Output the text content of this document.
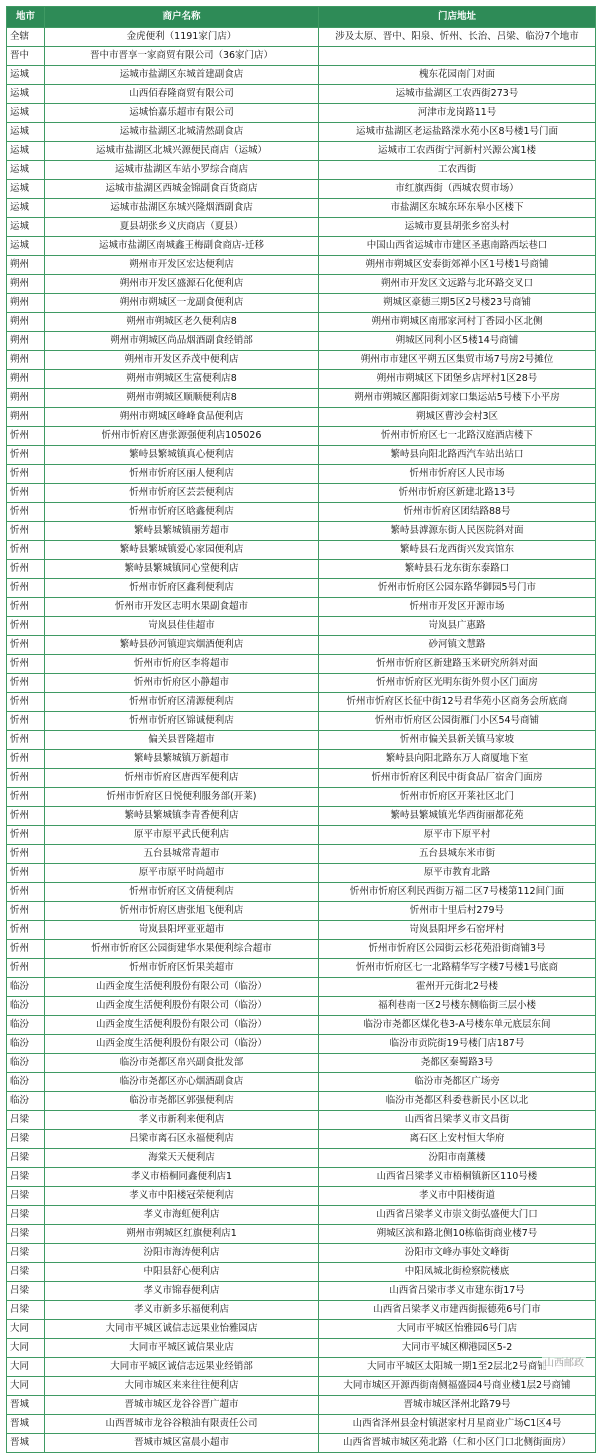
地市	商户名称	门店地址
全辖	金虎便利（1191家门店）	涉及太原、晋中、阳泉、忻州、长治、吕梁、临汾7个地市
晋中	晋中市晋享一家商贸有限公司（36家门店）	
运城	运城市盐湖区东城首建副食店	槐东花园南门对面
运城	山西佰春隆商贸有限公司	运城市盐湖区工农西街273号
运城	运城怡嘉乐超市有限公司	河津市龙岗路11号
运城	运城市盐湖区北城清然副食店	运城市盐湖区老运盐路溁水苑小区8号楼1号门面
运城	运城市盐湖区北城兴源便民商店（运城）	运城市工农西街宁河新村兴源公寓1楼
运城	运城市盐湖区车站小罗综合商店	工农西街
运城	运城市盐湖区西城金锦副食百货商店	市红旗西街（西城农贸市场）
运城	运城市盐湖区东城兴隆烟酒副食店	市盐湖区东城东环东皋小区楼下
运城	夏县胡张乡义庆商店（夏县）	运城市夏县胡张乡窑头村
运城	运城市盐湖区南城鑫王梅副食商店-迁移	中国山西省运城市市建区圣惠南路西坛巷口
朔州	朔州市开发区宏达便利店	朔州市朔城区安泰街郊禅小区1号楼1号商铺
朔州	朔州市开发区盛源石化便利店	朔州市开发区文远路与北环路交叉口
朔州	朔州市朔城区一龙副食便利店	朔城区豪德三期5区2号楼23号商铺
朔州	朔州市朔城区老久便利店8	朔州市朔城区南邢家河村丁香园小区北侧
朔州	朔州市朔城区尚品烟酒副食经销部	朔城区同利小区5楼14号商铺
朔州	朔州市开发区乔茂中便利店	朔州市市建区平朔五区集贸市场7号房2号摊位
朔州	朔州市朔城区生富便利店8	朔州市朔城区下团堡乡店坪村1区28号
朔州	朔州市朔城区顺顺便利店8	朔州市朔城区鄯阳街刘家口集运站5号楼下小平房
朔州	朔州市朔城区峰峰食品便利店	朔城区曹沙会村3区
忻州	忻州市忻府区唐张源强便利店105026	忻州市忻府区七一北路汉庭酒店楼下
忻州	繁峙县繁城镇真心便利店	繁峙县向阳北路西汽车站出站口
忻州	忻州市忻府区丽人便利店	忻州市忻府区人民市场
忻州	忻州市忻府区芸芸便利店	忻州市忻府区新建北路13号
忻州	忻州市忻府区晗鑫便利店	忻州市忻府区团结路88号
忻州	繁峙县繁城镇丽芳超市	繁峙县滹源东街人民医院斜对面
忻州	繁峙县繁城镇爱心家园便利店	繁峙县石龙西街兴发宾馆东
忻州	繁峙县繁城镇同心堂便利店	繁峙县石龙东街东泰路口
忻州	忻州市忻府区鑫利便利店	忻州市忻府区公园东路华御园5号门市
忻州	忻州市开发区志明水果副食超市	忻州市开发区开源市场
忻州	岢岚县佳佳超市	岢岚县广惠路
忻州	繁峙县砂河镇迎宾烟酒便利店	砂河镇文慧路
忻州	忻州市忻府区李将超市	忻州市忻府区新建路玉米研究所斜对面
忻州	忻州市忻府区小静超市	忻州市忻府区光明东街外贸小区门面房
忻州	忻州市忻府区清源便利店	忻州市忻府区长征中街12号君华苑小区商务会所底商
忻州	忻州市忻府区锦诚便利店	忻州市忻府区公园街雁门小区54号商铺
忻州	偏关县晋隆超市	忻州市偏关县新关镇马家坡
忻州	繁峙县繁城镇万新超市	繁峙县向阳北路东万人商厦地下室
忻州	忻州市忻府区唐西军便利店	忻州市忻府区利民中街食品厂宿舍门面房
忻州	忻州市忻府区日悦便利服务部(开莱)	忻州市忻府区开莱社区北门
忻州	繁峙县繁城镇李青香便利店	繁峙县繁城镇光华西街丽都花苑
忻州	原平市原平武氏便利店	原平市下原平村
忻州	五台县城常青超市	五台县城东米市街
忻州	原平市原平时尚超市	原平市教育北路
忻州	忻州市忻府区文倩便利店	忻州市忻府区利民西街万福二区7号楼第112间门面
忻州	忻州市忻府区唐张旭飞便利店	忻州市十里后村279号
忻州	岢岚县阳坪亚亚超市	岢岚县阳坪乡石窑坪村
忻州	忻州市忻府区公园街建华水果便利综合超市	忻州市忻府区公园街云杉花苑沿街商铺3号
忻州	忻州市忻府区忻果美超市	忻州市忻府区七一北路精华写字楼7号楼1号底商
临汾	山西金度生活便利股份有限公司（临汾）	霍州开元街北2号楼
临汾	山西金度生活便利股份有限公司（临汾）	福利巷南一区2号楼东侧临街三层小楼
临汾	山西金度生活便利股份有限公司（临汾）	临汾市尧都区煤化巷3-A号楼东单元底层东间
临汾	山西金度生活便利股份有限公司（临汾）	临汾市贡院街19号楼门店187号
临汾	临汾市尧都区帛兴副食批发部	尧都区秦蜀路3号
临汾	临汾市尧都区亦心烟酒副食店	临汾市尧都区广场旁
临汾	临汾市尧都区郭强便利店	临汾市尧都区科委巷新民小区以北
吕梁	孝义市新利来便利店	山西省吕梁孝义市文昌街
吕梁	吕梁市离石区永福便利店	离石区上安村恒大华府
吕梁	海棠天天便利店	汾阳市南薰楼
吕梁	孝义市梧桐同鑫便利店1	山西省吕梁孝义市梧桐镇新区110号楼
吕梁	孝义市中阳楼冠荣便利店	孝义市中阳楼街道
吕梁	孝义市海虹便利店	山西省吕梁孝义市崇文街弘盛便大门口
吕梁	朔州市朔城区红旗便利店1	朔城区滨和路北侧10栋临街商业楼7号
吕梁	汾阳市海涛便利店	汾阳市文峰办事处文峰街
吕梁	中阳县舒心便利店	中阳凤城北街检察院楼底
吕梁	孝义市锦春便利店	山西省吕梁市孝义市建东街17号
吕梁	孝义市新多乐福便利店	山西省吕梁孝义市建西街振德苑6号门市
大同	大同市平城区诚信志远果业怡雅园店	大同市平城区怡雅园6号门店
大同	大同市平城区诚信果业店	大同市平城区柳港园区5-2
大同	大同市平城区诚信志远果业经销部	大同市平城区太阳城一期1至2层北2号商铺
大同	大同市城区来来往往便利店	大同市城区开源西街南侧福盛园4号商业楼1层2号商铺
晋城	晋城市城区龙谷谷晋广超市	晋城市城区泽州北路79号
晋城	山西晋城市龙谷谷粮油有限责任公司	山西省泽州县金村镇湛家村月星商业广场C1区4号
晋城	晋城市城区富晨小超市	山西省晋城市城区苑北路（仁和小区门口北侧街面房）
山西邮政
